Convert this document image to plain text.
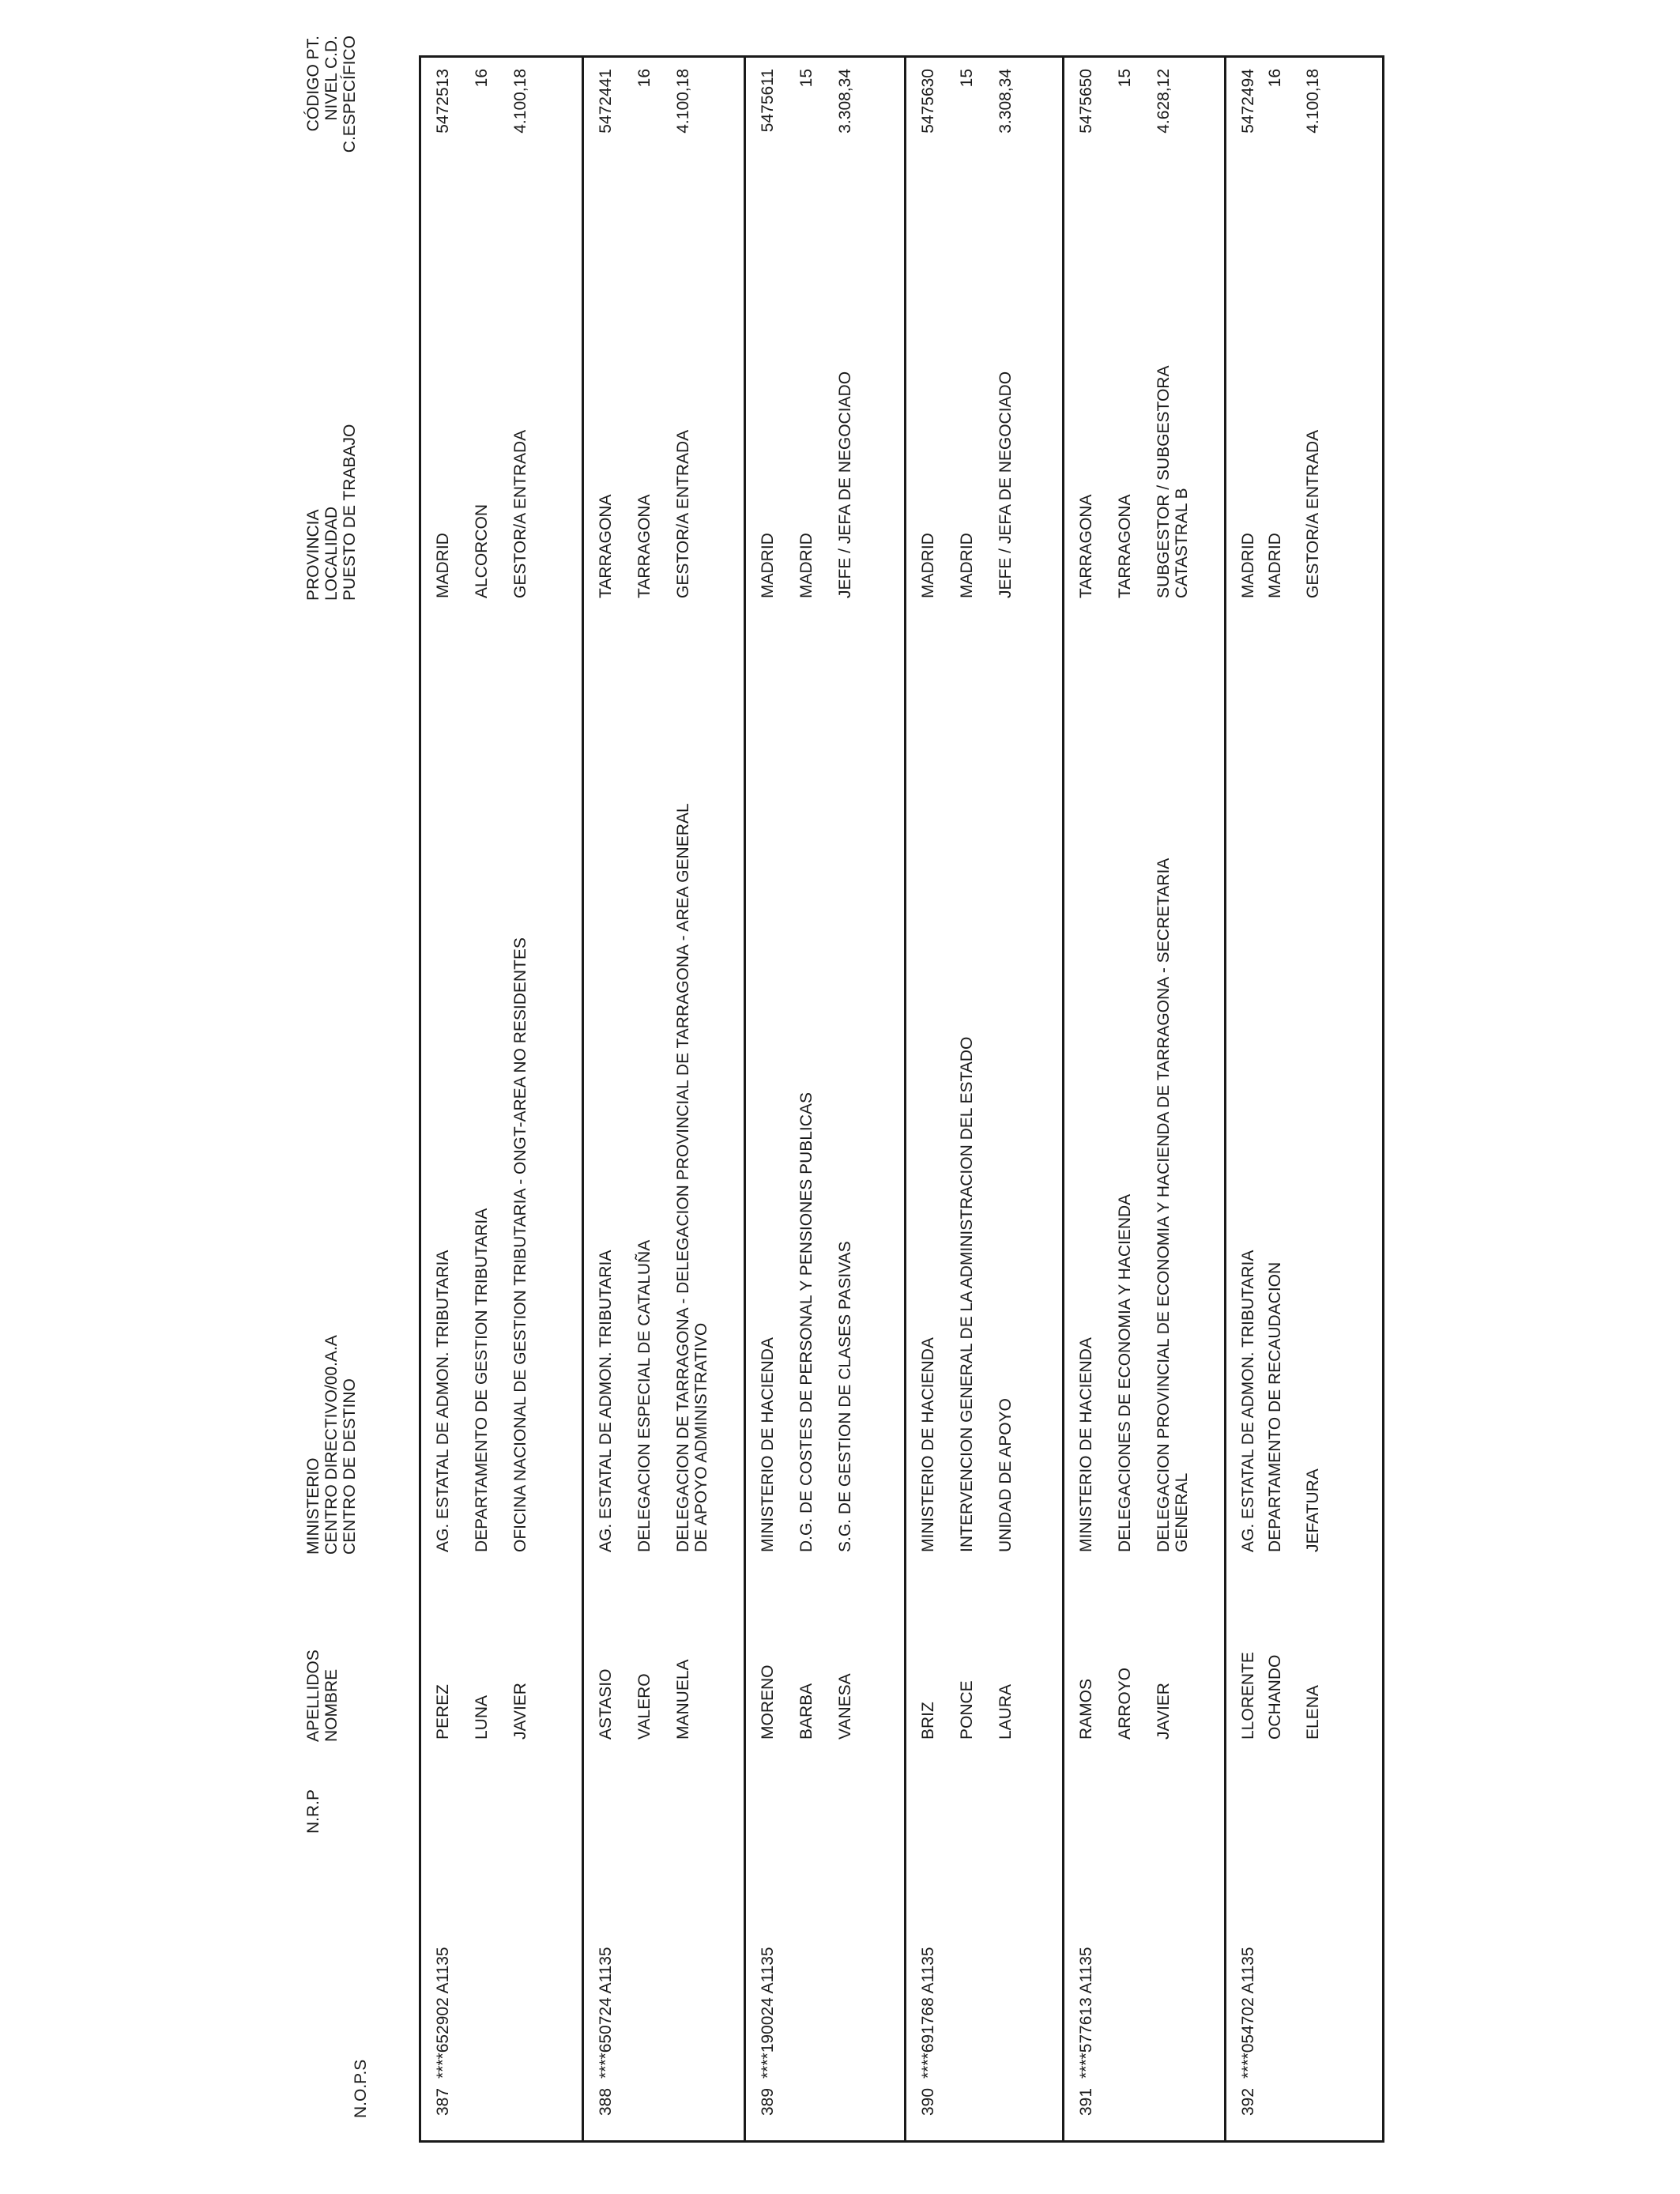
N.O.P.S
N.R.P
APELLIDOS NOMBRE
MINISTERIO CENTRO DIRECTIVO/00.A.A CENTRO DE DESTINO
PROVINCIA LOCALIDAD PUESTO DE TRABAJO
CÓDIGO PT. NIVEL C.D. C.ESPECÍFICO
387
****652902 A1135
PEREZ LUNA JAVIER
AG. ESTATAL DE ADMON. TRIBUTARIA DEPARTAMENTO DE GESTION TRIBUTARIA OFICINA NACIONAL DE GESTION TRIBUTARIA - ONGT-AREA NO RESIDENTES
MADRID ALCORCON GESTOR/A ENTRADA
5472513 16 4.100,18
388
****650724 A1135
ASTASIO VALERO MANUELA
AG. ESTATAL DE ADMON. TRIBUTARIA DELEGACION ESPECIAL DE CATALUÑA DELEGACION DE TARRAGONA - DELEGACION PROVINCIAL DE TARRAGONA - AREA GENERAL DE APOYO ADMINISTRATIVO
TARRAGONA TARRAGONA GESTOR/A ENTRADA
5472441 16 4.100,18
389
****190024 A1135
MORENO BARBA VANESA
MINISTERIO DE HACIENDA D.G. DE COSTES DE PERSONAL Y PENSIONES PUBLICAS S.G. DE GESTION DE CLASES PASIVAS
MADRID MADRID JEFE / JEFA DE NEGOCIADO
5475611 15 3.308,34
390
****691768 A1135
BRIZ PONCE LAURA
MINISTERIO DE HACIENDA INTERVENCION GENERAL DE LA ADMINISTRACION DEL ESTADO UNIDAD DE APOYO
MADRID MADRID JEFE / JEFA DE NEGOCIADO
5475630 15 3.308,34
391
****577613 A1135
RAMOS ARROYO JAVIER
MINISTERIO DE HACIENDA DELEGACIONES DE ECONOMIA Y HACIENDA DELEGACION PROVINCIAL DE ECONOMIA Y HACIENDA DE TARRAGONA - SECRETARIA GENERAL
TARRAGONA TARRAGONA SUBGESTOR / SUBGESTORA CATASTRAL B
5475650 15 4.628,12
392
****054702 A1135
LLORENTE OCHANDO ELENA
AG. ESTATAL DE ADMON. TRIBUTARIA DEPARTAMENTO DE RECAUDACION JEFATURA
MADRID MADRID GESTOR/A ENTRADA
5472494 16 4.100,18
